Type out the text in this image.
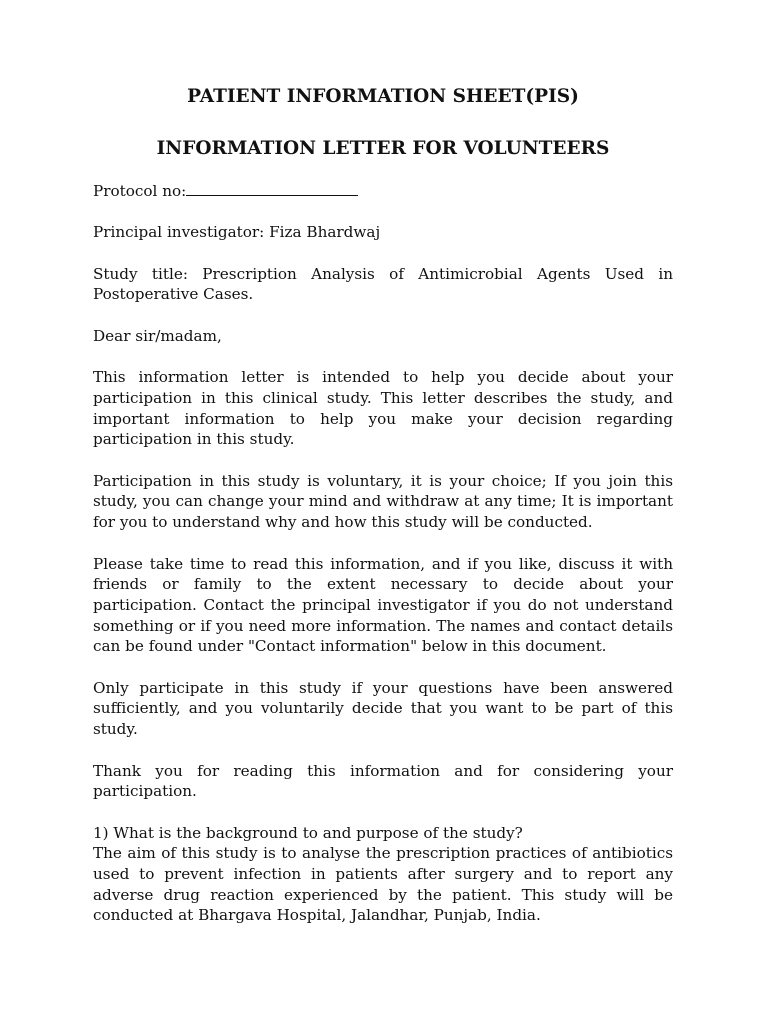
PATIENT INFORMATION SHEET(PIS)
INFORMATION LETTER FOR VOLUNTEERS

Protocol no:

Principal investigator: Fiza Bhardwaj

Study title: Prescription Analysis of Antimicrobial Agents Used in Postoperative Cases.

Dear sir/madam,

This information letter is intended to help you decide about your participation in this clinical study. This letter describes the study, and important information to help you make your decision regarding participation in this study.

Participation in this study is voluntary, it is your choice; If you join this study, you can change your mind and withdraw at any time; It is important for you to understand why and how this study will be conducted.

Please take time to read this information, and if you like, discuss it with friends or family to the extent necessary to decide about your participation. Contact the principal investigator if you do not understand something or if you need more information. The names and contact details can be found under "Contact information" below in this document.

Only participate in this study if your questions have been answered sufficiently, and you voluntarily decide that you want to be part of this study.

Thank you for reading this information and for considering your participation.

1) What is the background to and purpose of the study?

The aim of this study is to analyse the prescription practices of antibiotics used to prevent infection in patients after surgery and to report any adverse drug reaction experienced by the patient. This study will be conducted at Bhargava Hospital, Jalandhar, Punjab, India.
